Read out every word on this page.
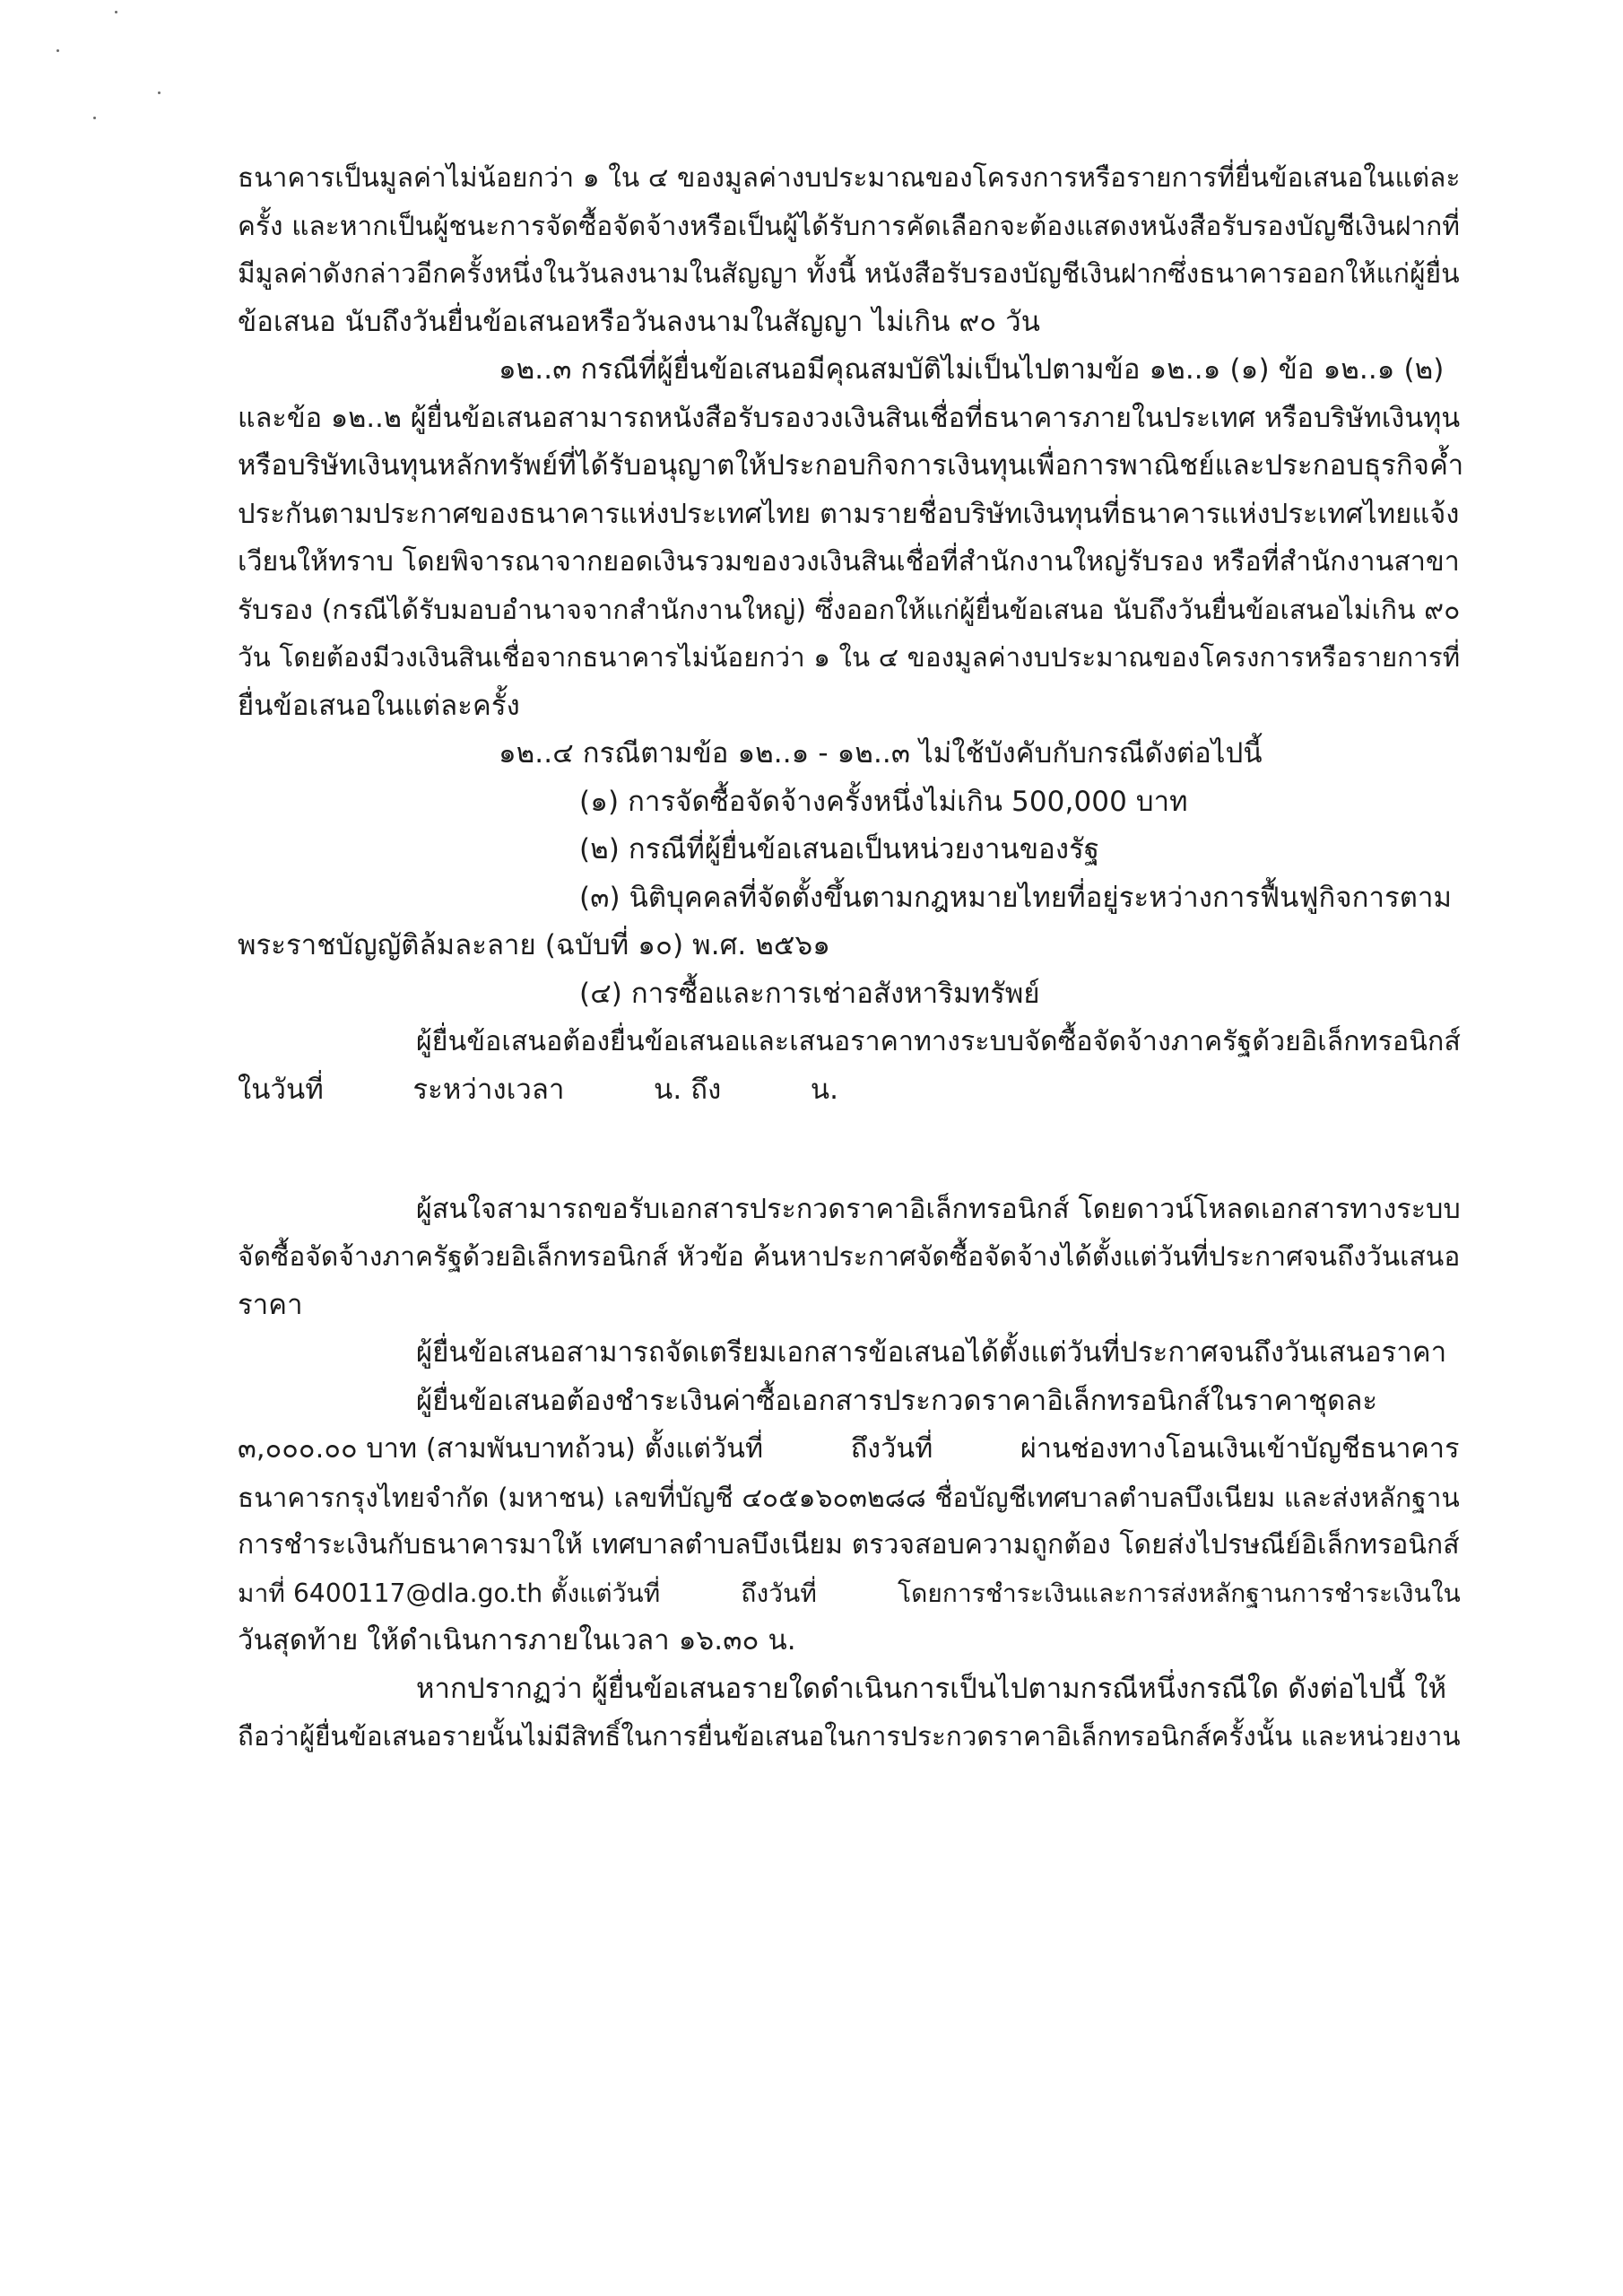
ธนาคารเป็นมูลค่าไม่น้อยกว่า ๑ ใน ๔ ของมูลค่างบประมาณของโครงการหรือรายการที่ยื่นข้อเสนอในแต่ละ
ครั้ง และหากเป็นผู้ชนะการจัดซื้อจัดจ้างหรือเป็นผู้ได้รับการคัดเลือกจะต้องแสดงหนังสือรับรองบัญชีเงินฝากที่
มีมูลค่าดังกล่าวอีกครั้งหนึ่งในวันลงนามในสัญญา ทั้งนี้ หนังสือรับรองบัญชีเงินฝากซึ่งธนาคารออกให้แก่ผู้ยื่น
ข้อเสนอ นับถึงวันยื่นข้อเสนอหรือวันลงนามในสัญญา ไม่เกิน ๙๐ วัน
๑๒..๓ กรณีที่ผู้ยื่นข้อเสนอมีคุณสมบัติไม่เป็นไปตามข้อ ๑๒..๑ (๑) ข้อ ๑๒..๑ (๒)
และข้อ ๑๒..๒ ผู้ยื่นข้อเสนอสามารถหนังสือรับรองวงเงินสินเชื่อที่ธนาคารภายในประเทศ หรือบริษัทเงินทุน
หรือบริษัทเงินทุนหลักทรัพย์ที่ได้รับอนุญาตให้ประกอบกิจการเงินทุนเพื่อการพาณิชย์และประกอบธุรกิจค้ำ
ประกันตามประกาศของธนาคารแห่งประเทศไทย ตามรายชื่อบริษัทเงินทุนที่ธนาคารแห่งประเทศไทยแจ้ง
เวียนให้ทราบ โดยพิจารณาจากยอดเงินรวมของวงเงินสินเชื่อที่สำนักงานใหญ่รับรอง หรือที่สำนักงานสาขา
รับรอง (กรณีได้รับมอบอำนาจจากสำนักงานใหญ่) ซึ่งออกให้แก่ผู้ยื่นข้อเสนอ นับถึงวันยื่นข้อเสนอไม่เกิน ๙๐
วัน โดยต้องมีวงเงินสินเชื่อจากธนาคารไม่น้อยกว่า ๑ ใน ๔ ของมูลค่างบประมาณของโครงการหรือรายการที่
ยื่นข้อเสนอในแต่ละครั้ง
๑๒..๔ กรณีตามข้อ ๑๒..๑ - ๑๒..๓ ไม่ใช้บังคับกับกรณีดังต่อไปนี้
(๑) การจัดซื้อจัดจ้างครั้งหนึ่งไม่เกิน 500,000 บาท
(๒) กรณีที่ผู้ยื่นข้อเสนอเป็นหน่วยงานของรัฐ
(๓) นิติบุคคลที่จัดตั้งขึ้นตามกฎหมายไทยที่อยู่ระหว่างการฟื้นฟูกิจการตาม
พระราชบัญญัติล้มละลาย (ฉบับที่ ๑๐) พ.ศ. ๒๕๖๑
(๔) การซื้อและการเช่าอสังหาริมทรัพย์
ผู้ยื่นข้อเสนอต้องยื่นข้อเสนอและเสนอราคาทางระบบจัดซื้อจัดจ้างภาครัฐด้วยอิเล็กทรอนิกส์
ในวันที่          ระหว่างเวลา          น. ถึง          น.
ผู้สนใจสามารถขอรับเอกสารประกวดราคาอิเล็กทรอนิกส์ โดยดาวน์โหลดเอกสารทางระบบ
จัดซื้อจัดจ้างภาครัฐด้วยอิเล็กทรอนิกส์ หัวข้อ ค้นหาประกาศจัดซื้อจัดจ้างได้ตั้งแต่วันที่ประกาศจนถึงวันเสนอ
ราคา
ผู้ยื่นข้อเสนอสามารถจัดเตรียมเอกสารข้อเสนอได้ตั้งแต่วันที่ประกาศจนถึงวันเสนอราคา
ผู้ยื่นข้อเสนอต้องชำระเงินค่าซื้อเอกสารประกวดราคาอิเล็กทรอนิกส์ในราคาชุดละ
๓,๐๐๐.๐๐ บาท (สามพันบาทถ้วน) ตั้งแต่วันที่          ถึงวันที่          ผ่านช่องทางโอนเงินเข้าบัญชีธนาคาร
ธนาคารกรุงไทยจำกัด (มหาชน) เลขที่บัญชี ๔๐๕๑๖๐๓๒๘๘ ชื่อบัญชีเทศบาลตำบลบึงเนียม และส่งหลักฐาน
การชำระเงินกับธนาคารมาให้ เทศบาลตำบลบึงเนียม ตรวจสอบความถูกต้อง โดยส่งไปรษณีย์อิเล็กทรอนิกส์
มาที่ 6400117@dla.go.th ตั้งแต่วันที่          ถึงวันที่          โดยการชำระเงินและการส่งหลักฐานการชำระเงินใน
วันสุดท้าย ให้ดำเนินการภายในเวลา ๑๖.๓๐ น.
หากปรากฏว่า ผู้ยื่นข้อเสนอรายใดดำเนินการเป็นไปตามกรณีหนึ่งกรณีใด ดังต่อไปนี้ ให้
ถือว่าผู้ยื่นข้อเสนอรายนั้นไม่มีสิทธิ์ในการยื่นข้อเสนอในการประกวดราคาอิเล็กทรอนิกส์ครั้งนั้น และหน่วยงาน
